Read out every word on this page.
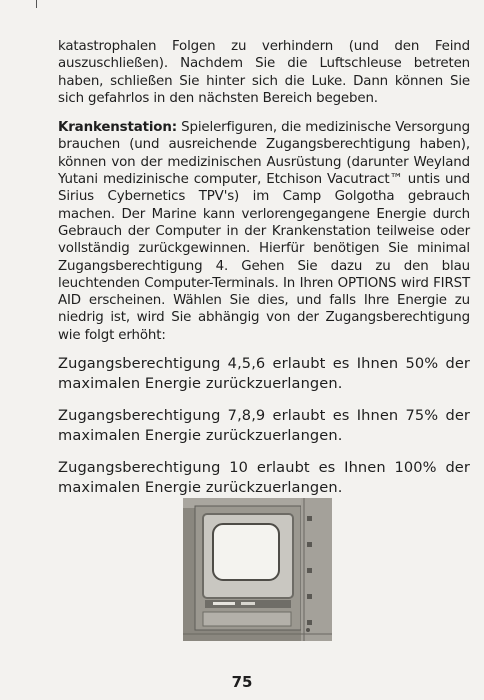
katastrophalen Folgen zu verhindern (und den Feind auszuschließen). Nachdem Sie die Luftschleuse betreten haben, schließen Sie hinter sich die Luke. Dann können Sie sich gefahrlos in den nächsten Bereich begeben.

Krankenstation: Spielerfiguren, die medizinische Versorgung brauchen (und ausreichende Zugangsberechtigung haben), können von der medizinischen Ausrüstung (darunter Weyland Yutani medizinische computer, Etchison Vacutract™ untis und Sirius Cybernetics TPV's) im Camp Golgotha gebrauch machen. Der Marine kann verlorengegangene Energie durch Gebrauch der Computer in der Krankenstation teilweise oder vollständig zurückgewinnen. Hierfür benötigen Sie minimal Zugangsberechtigung 4. Gehen Sie dazu zu den blau leuchtenden Computer-Terminals. In Ihren OPTIONS wird FIRST AID erscheinen. Wählen Sie dies, und falls Ihre Energie zu niedrig ist, wird Sie abhängig von der Zugangsberechtigung wie folgt erhöht:

Zugangsberechtigung 4,5,6 erlaubt es Ihnen 50% der maximalen Energie zurückzuerlangen.

Zugangsberechtigung 7,8,9 erlaubt es Ihnen 75% der maximalen Energie zurückzuerlangen.

Zugangsberechtigung 10 erlaubt es Ihnen 100% der maximalen Energie zurückzuerlangen.

75
